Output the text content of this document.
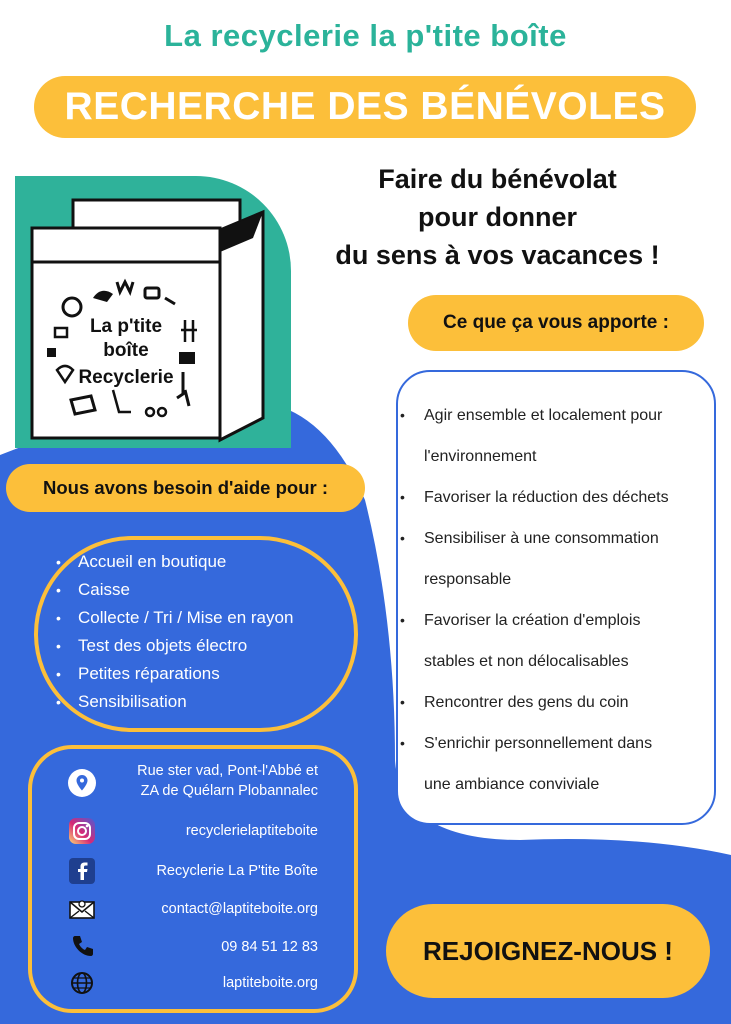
La recyclerie la p'tite boîte
RECHERCHE DES BÉNÉVOLES
La p'tite
boîte
Recyclerie
Faire du bénévolat
pour donner
du sens à vos vacances !
Ce que ça vous apporte :
• Agir ensemble et localement pour
l'environnement
• Favoriser la réduction des déchets
• Sensibiliser à une consommation
responsable
• Favoriser la création d'emplois
stables et non délocalisables
• Rencontrer des gens du coin
• S'enrichir personnellement dans
une ambiance conviviale
Nous avons besoin d'aide pour :
• Accueil en boutique
• Caisse
• Collecte / Tri / Mise en rayon
• Test des objets électro
• Petites réparations
• Sensibilisation
Rue ster vad, Pont-l'Abbé et
ZA de Quélarn Plobannalec
recyclerielaptiteboite
Recyclerie La P'tite Boîte
contact@laptiteboite.org
09 84 51 12 83
laptiteboite.org
REJOIGNEZ-NOUS !
